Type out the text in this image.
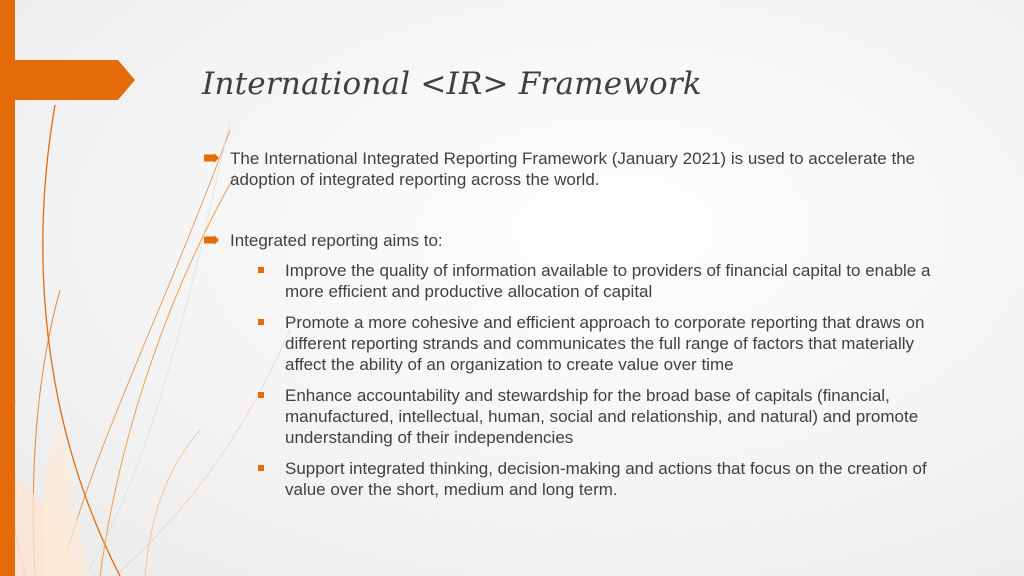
International <IR> Framework
The International Integrated Reporting Framework (January 2021) is used to accelerate the adoption of integrated reporting across the world.
Integrated reporting aims to:
Improve the quality of information available to providers of financial capital to enable a more efficient and productive allocation of capital
Promote a more cohesive and efficient approach to corporate reporting that draws on different reporting strands and communicates the full range of factors that materially affect the ability of an organization to create value over time
Enhance accountability and stewardship for the broad base of capitals (financial, manufactured, intellectual, human, social and relationship, and natural) and promote understanding of their independencies
Support integrated thinking, decision-making and actions that focus on the creation of value over the short, medium and long term.
